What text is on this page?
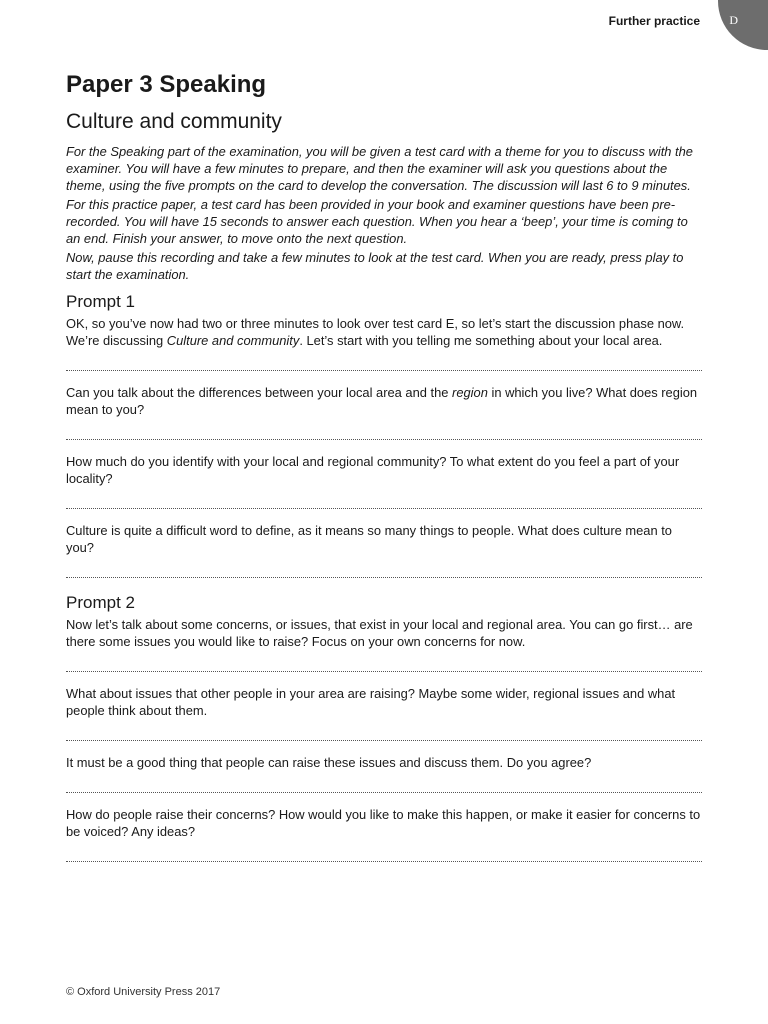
Further practice D
Paper 3 Speaking
Culture and community

For the Speaking part of the examination, you will be given a test card with a theme for you to discuss with the examiner. You will have a few minutes to prepare, and then the examiner will ask you questions about the theme, using the five prompts on the card to develop the conversation. The discussion will last 6 to 9 minutes.

For this practice paper, a test card has been provided in your book and examiner questions have been pre-recorded. You will have 15 seconds to answer each question. When you hear a ‘beep’, your time is coming to an end. Finish your answer, to move onto the next question.

Now, pause this recording and take a few minutes to look at the test card. When you are ready, press play to start the examination.

Prompt 1

OK, so you’ve now had two or three minutes to look over test card E, so let’s start the discussion phase now. We’re discussing Culture and community. Let’s start with you telling me something about your local area.

Can you talk about the differences between your local area and the region in which you live? What does region mean to you?

How much do you identify with your local and regional community? To what extent do you feel a part of your locality?

Culture is quite a difficult word to define, as it means so many things to people. What does culture mean to you?

Prompt 2

Now let’s talk about some concerns, or issues, that exist in your local and regional area. You can go first… are there some issues you would like to raise? Focus on your own concerns for now.

What about issues that other people in your area are raising? Maybe some wider, regional issues and what people think about them.

It must be a good thing that people can raise these issues and discuss them. Do you agree?

How do people raise their concerns? How would you like to make this happen, or make it easier for concerns to be voiced? Any ideas?

© Oxford University Press 2017
